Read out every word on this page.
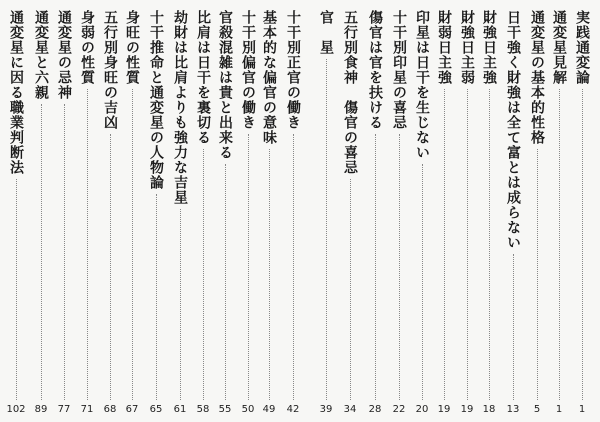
実践通変論
1
通変星見解
1
通変星の基本的性格
5
日干強く財強は全て富とは成らない
13
財強日主強
18
財強日主弱
19
財弱日主強
19
印星は日干を生じない
20
十干別印星の喜忌
22
傷官は官を扶ける
28
五行別食神　傷官の喜忌
34
官　星
39
十干別正官の働き
42
基本的な偏官の意味
49
十干別偏官の働き
50
官殺混雑は貴と出来る
55
比肩は日干を裏切る
58
劫財は比肩よりも強力な吉星
61
十干推命と通変星の人物論
65
身旺の性質
67
五行別身旺の吉凶
68
身弱の性質
71
通変星の忌神
77
通変星と六親
89
通変星に因る職業判断法
102
